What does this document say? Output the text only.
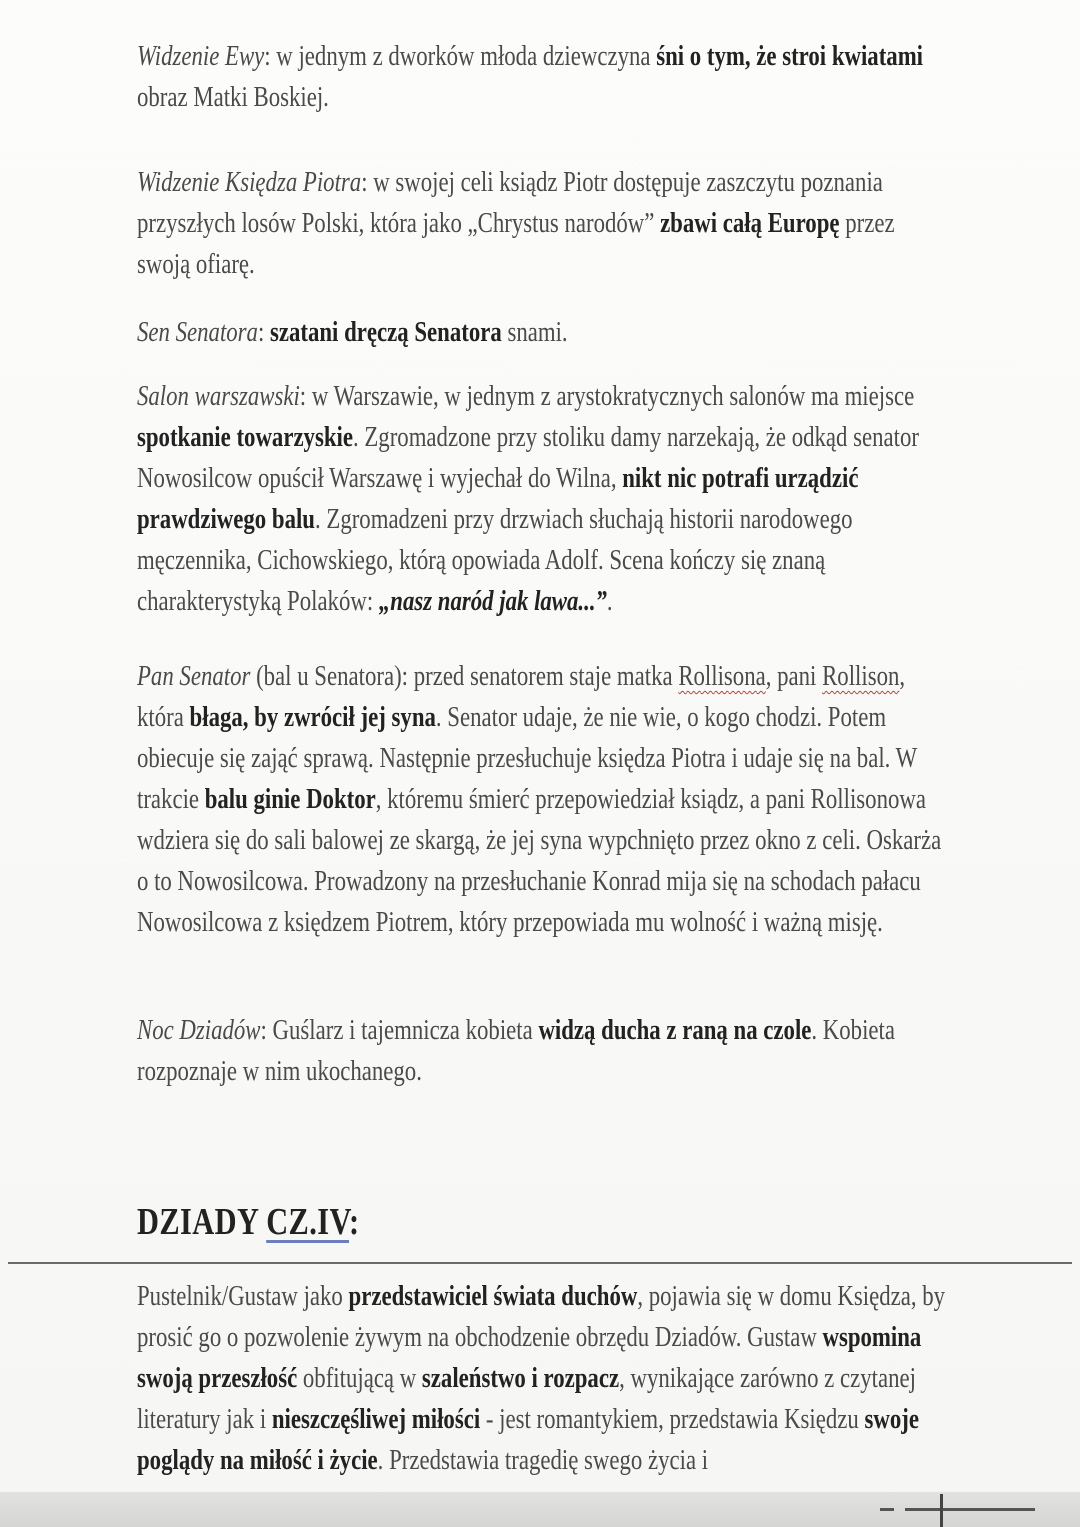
Widzenie Ewy: w jednym z dworków młoda dziewczyna śni o tym, że stroi kwiatami obraz Matki Boskiej.

Widzenie Księdza Piotra: w swojej celi ksiądz Piotr dostępuje zaszczytu poznania przyszłych losów Polski, która jako „Chrystus narodów” zbawi całą Europę przez swoją ofiarę.

Sen Senatora: szatani dręczą Senatora snami.

Salon warszawski: w Warszawie, w jednym z arystokratycznych salonów ma miejsce spotkanie towarzyskie. Zgromadzone przy stoliku damy narzekają, że odkąd senator Nowosilcow opuścił Warszawę i wyjechał do Wilna, nikt nic potrafi urządzić prawdziwego balu. Zgromadzeni przy drzwiach słuchają historii narodowego męczennika, Cichowskiego, którą opowiada Adolf. Scena kończy się znaną charakterystyką Polaków: „nasz naród jak lawa...”.

Pan Senator (bal u Senatora): przed senatorem staje matka Rollisona, pani Rollison, która błaga, by zwrócił jej syna. Senator udaje, że nie wie, o kogo chodzi. Potem obiecuje się zająć sprawą. Następnie przesłuchuje księdza Piotra i udaje się na bal. W trakcie balu ginie Doktor, któremu śmierć przepowiedział ksiądz, a pani Rollisonowa wdziera się do sali balowej ze skargą, że jej syna wypchnięto przez okno z celi. Oskarża o to Nowosilcowa. Prowadzony na przesłuchanie Konrad mija się na schodach pałacu Nowosilcowa z księdzem Piotrem, który przepowiada mu wolność i ważną misję.

Noc Dziadów: Guślarz i tajemnicza kobieta widzą ducha z raną na czole. Kobieta rozpoznaje w nim ukochanego.

DZIADY CZ.IV:

Pustelnik/Gustaw jako przedstawiciel świata duchów, pojawia się w domu Księdza, by prosić go o pozwolenie żywym na obchodzenie obrzędu Dziadów. Gustaw wspomina swoją przeszłość obfitującą w szaleństwo i rozpacz, wynikające zarówno z czytanej literatury jak i nieszczęśliwej miłości - jest romantykiem, przedstawia Księdzu swoje poglądy na miłość i życie. Przedstawia tragedię swego życia i
